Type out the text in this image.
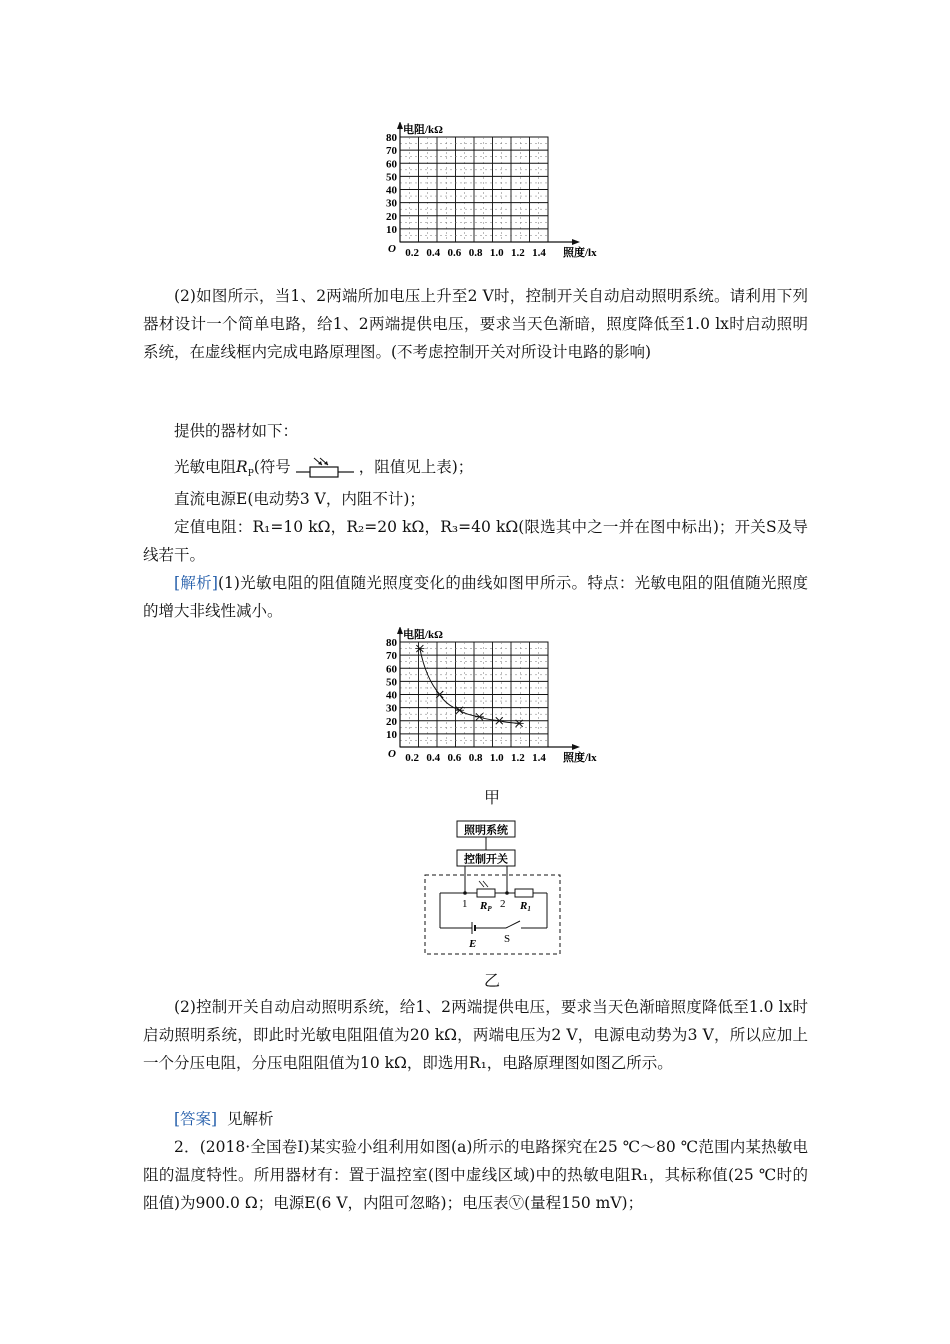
电阻/kΩ
照度/lx
O
80
70
60
50
40
30
20
10
0.2 0.4 0.6 0.8 1.0 1.2 1.4
(2)如图所示，当1、2两端所加电压上升至2 V时，控制开关自动启动照明系统。请利用下列器材设计一个简单电路，给1、2两端提供电压，要求当天色渐暗，照度降低至1.0 lx时启动照明系统，在虚线框内完成电路原理图。(不考虑控制开关对所设计电路的影响)
提供的器材如下：
光敏电阻$R_P$(符号	，阻值见上表)；
直流电源E(电动势3 V，内阻不计)；
定值电阻：R₁=10 kΩ，R₂=20 kΩ，R₃=40 kΩ(限选其中之一并在图中标出)；开关S及导线若干。
[解析](1)光敏电阻的阻值随光照度变化的曲线如图甲所示。特点：光敏电阻的阻值随光照度的增大非线性减小。
电阻/kΩ
照度/lx
O
80
70
60
50
40
30
20
10
0.2 0.4 0.6 0.8 1.0 1.2 1.4
甲
照明系统
控制开关
1	2
RP	R1
E	S
乙
(2)控制开关自动启动照明系统，给1、2两端提供电压，要求当天色渐暗照度降低至1.0 lx时启动照明系统，即此时光敏电阻阻值为20 kΩ，两端电压为2 V，电源电动势为3 V，所以应加上一个分压电阻，分压电阻阻值为10 kΩ，即选用R₁，电路原理图如图乙所示。
[答案] 见解析
2．(2018·全国卷Ⅰ)某实验小组利用如图(a)所示的电路探究在25 ℃～80 ℃范围内某热敏电阻的温度特性。所用器材有：置于温控室(图中虚线区域)中的热敏电阻R₁，其标称值(25 ℃时的阻值)为900.0 Ω；电源E(6 V，内阻可忽略)；电压表Ⓥ(量程150 mV)；
